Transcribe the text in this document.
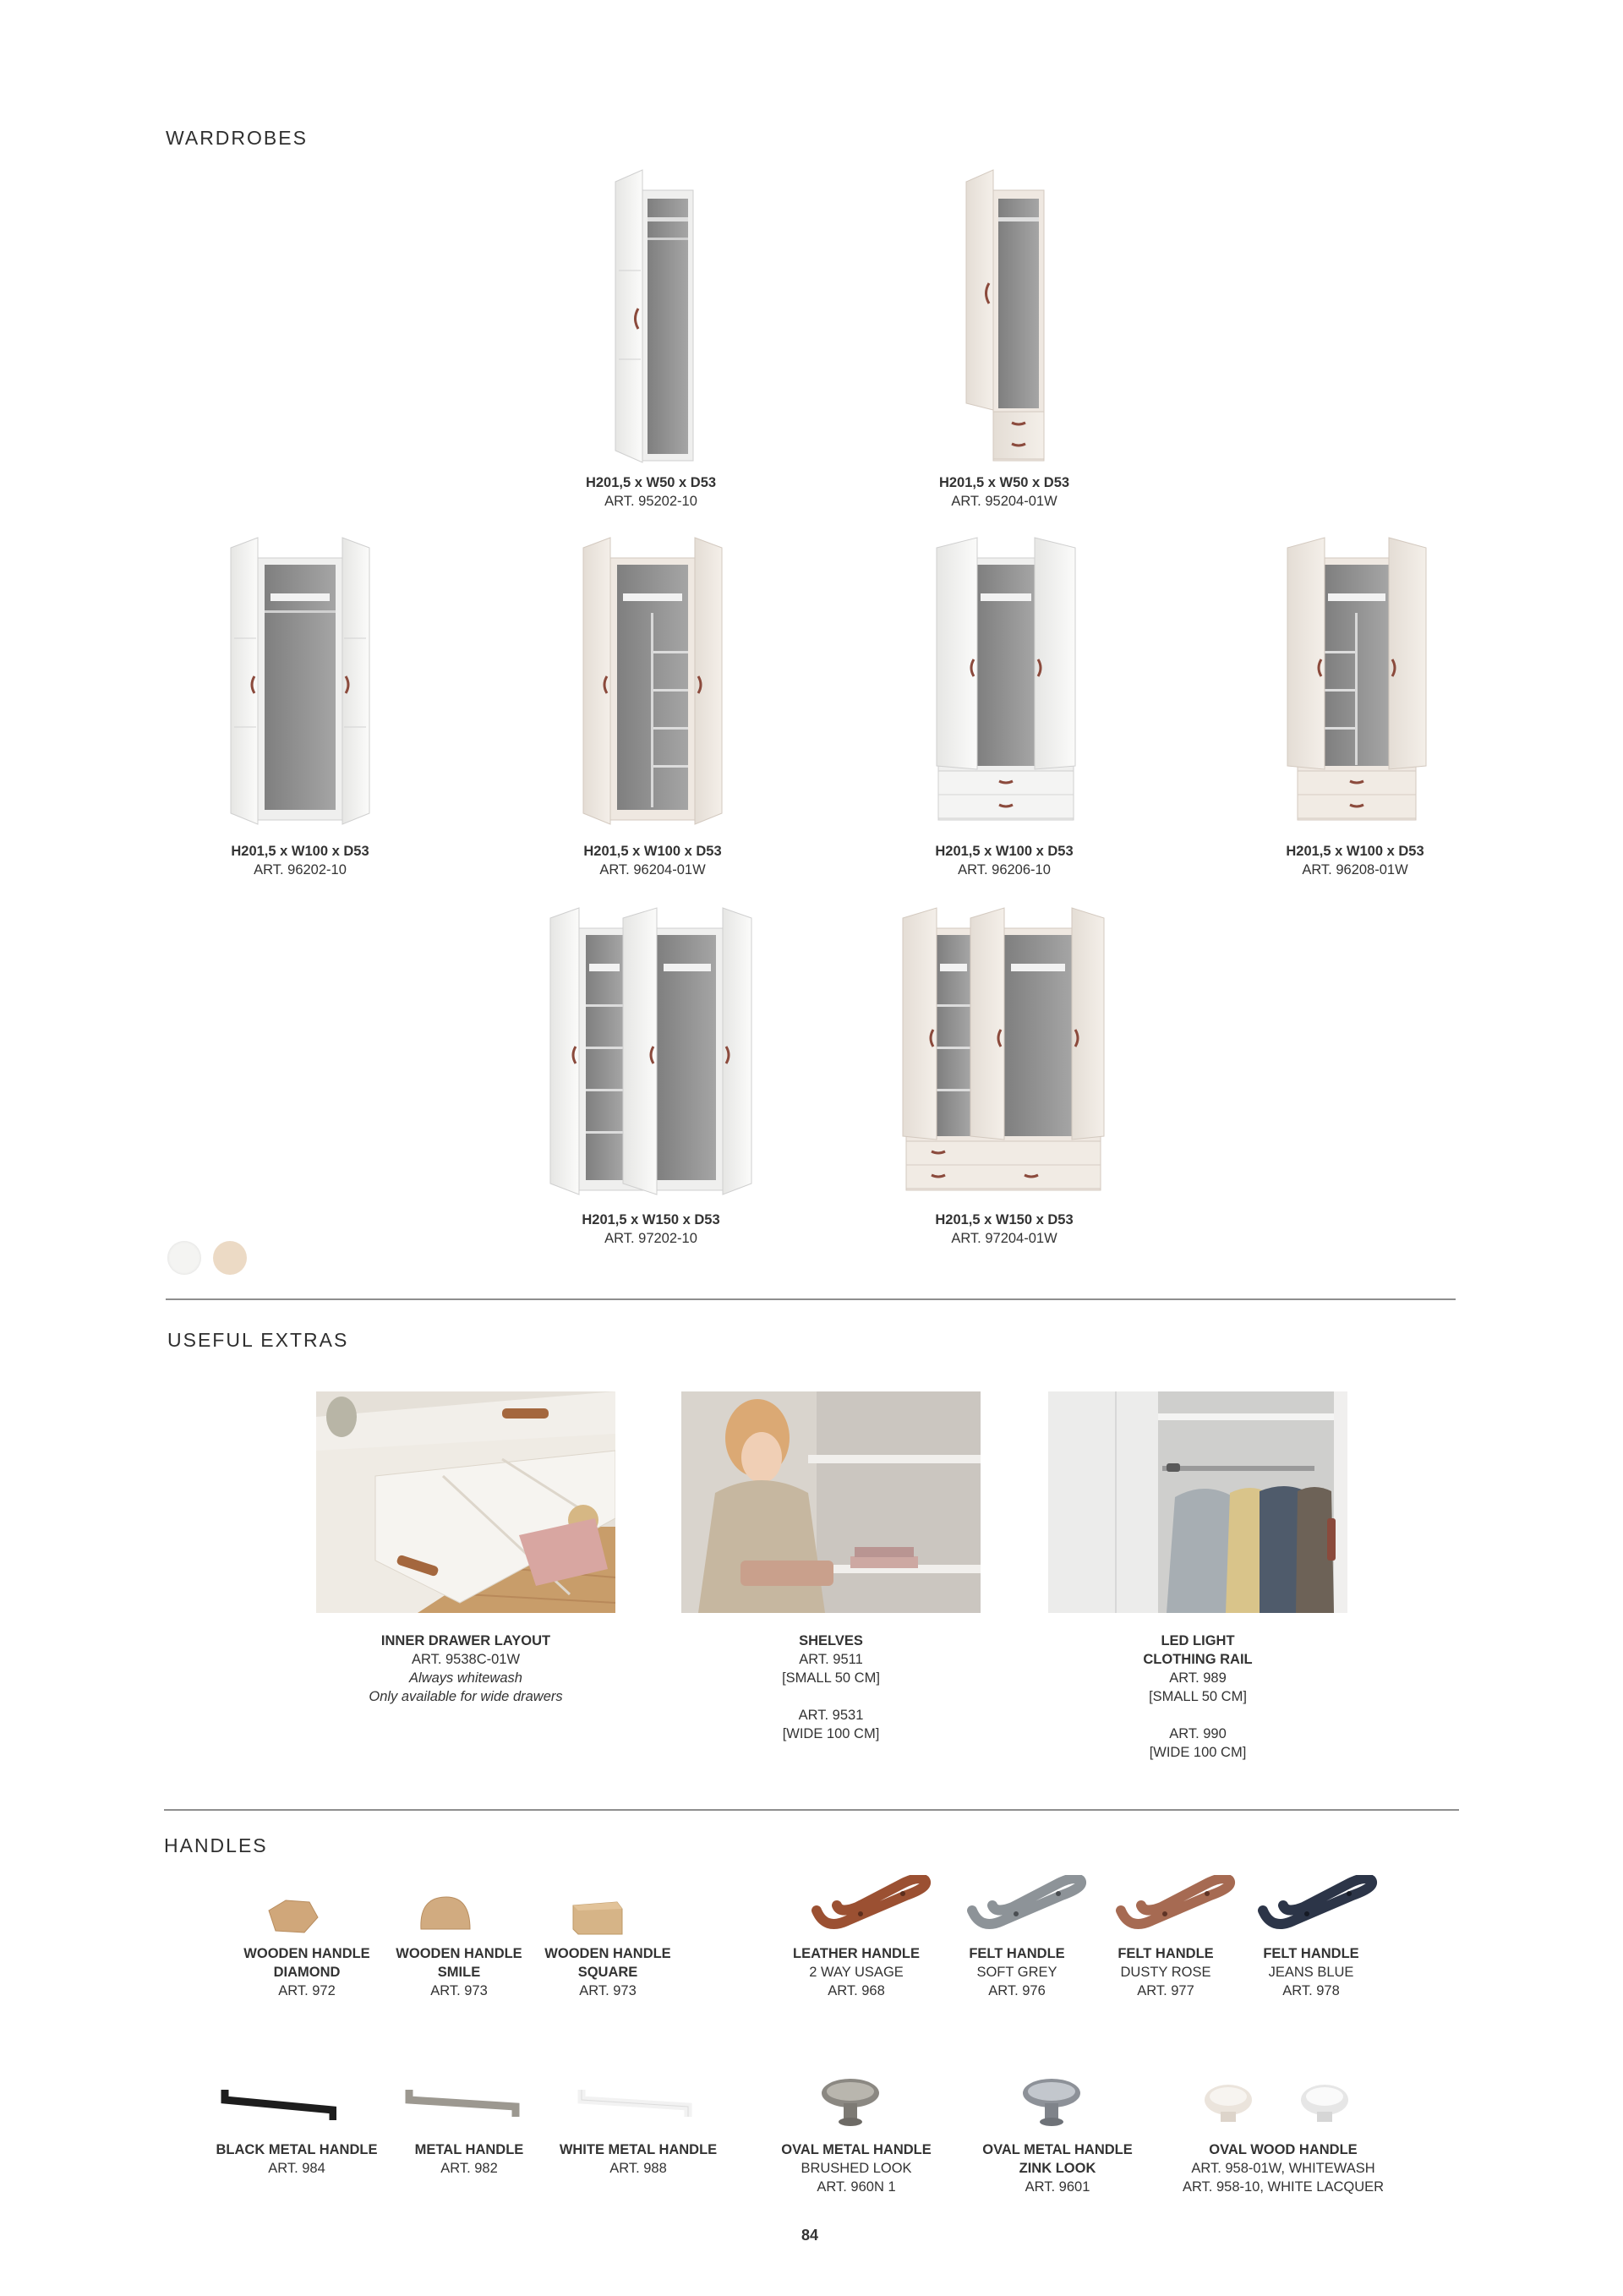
WARDROBES
H201,5 x W50 x D53
ART. 95202-10
H201,5 x W50 x D53
ART. 95204-01W
H201,5 x W100 x D53
ART. 96202-10
H201,5 x W100 x D53
ART. 96204-01W
H201,5 x W100 x D53
ART. 96206-10
H201,5 x W100 x D53
ART. 96208-01W
H201,5 x W150 x D53
ART. 97202-10
H201,5 x W150 x D53
ART. 97204-01W
USEFUL EXTRAS
INNER DRAWER LAYOUT
ART. 9538C-01W
Always whitewash
Only available for wide drawers
SHELVES
ART. 9511
[SMALL 50 CM]
ART. 9531
[WIDE 100 CM]
LED LIGHT
CLOTHING RAIL
ART. 989
[SMALL 50 CM]
ART. 990
[WIDE 100 CM]
HANDLES
WOODEN HANDLE
DIAMOND
ART. 972
WOODEN HANDLE
SMILE
ART. 973
WOODEN HANDLE
SQUARE
ART. 973
LEATHER HANDLE
2 WAY USAGE
ART. 968
FELT HANDLE
SOFT GREY
ART. 976
FELT HANDLE
DUSTY ROSE
ART. 977
FELT HANDLE
JEANS BLUE
ART. 978
BLACK METAL HANDLE
ART. 984
METAL HANDLE
ART. 982
WHITE METAL HANDLE
ART. 988
OVAL METAL HANDLE
BRUSHED LOOK
ART. 960N 1
OVAL METAL HANDLE
ZINK LOOK
ART. 9601
OVAL WOOD HANDLE
ART. 958-01W, WHITEWASH
ART. 958-10, WHITE LACQUER
84
